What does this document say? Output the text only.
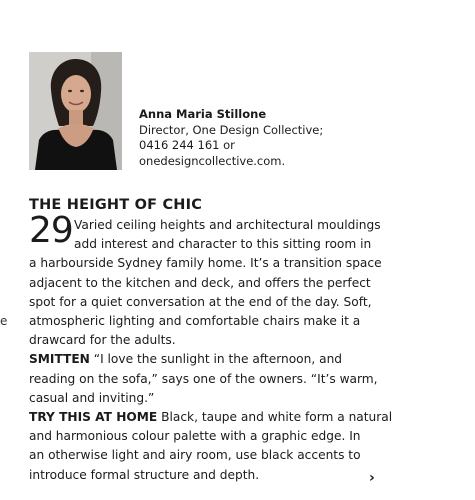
Anna Maria Stillone
Director, One Design Collective;
0416 244 161 or
onedesigncollective.com.
e
THE HEIGHT OF CHIC
29 Varied ceiling heights and architectural mouldings
add interest and character to this sitting room in
a harbourside Sydney family home. It’s a transition space
adjacent to the kitchen and deck, and offers the perfect
spot for a quiet conversation at the end of the day. Soft,
atmospheric lighting and comfortable chairs make it a
drawcard for the adults.
SMITTEN “I love the sunlight in the afternoon, and
reading on the sofa,” says one of the owners. “It’s warm,
casual and inviting.”
TRY THIS AT HOME Black, taupe and white form a natural
and harmonious colour palette with a graphic edge. In
an otherwise light and airy room, use black accents to
introduce formal structure and depth.	›
